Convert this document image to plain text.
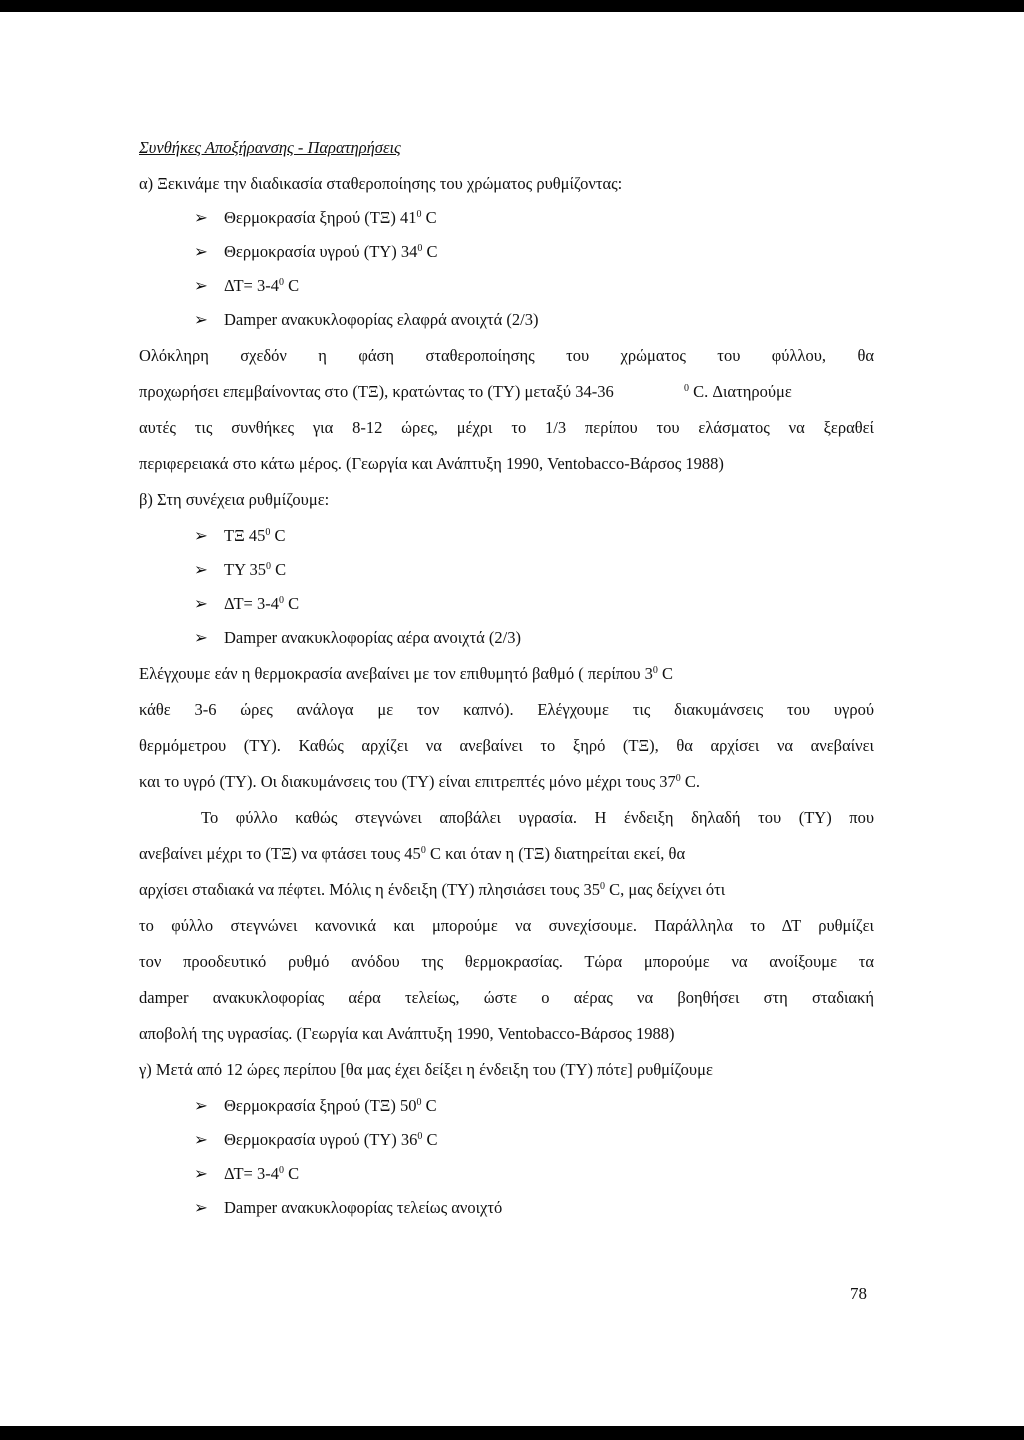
Συνθήκες Αποξήρανσης - Παρατηρήσεις
α) Ξεκινάμε την διαδικασία σταθεροποίησης του χρώματος ρυθμίζοντας:
➢ Θερμοκρασία ξηρού (ΤΞ) $41^0$ C
➢ Θερμοκρασία υγρού (ΤΥ) $34^0$ C
➢ $\Delta T= 3-4^0$ C
➢ Damper ανακυκλοφορίας ελαφρά ανοιχτά (2/3)
Ολόκληρη σχεδόν η φάση σταθεροποίησης του χρώματος του φύλλου, θα
προχωρήσει επεμβαίνοντας στο (ΤΞ), κρατώντας το (ΤΥ) μεταξύ 34-36	$^0$ C. Διατηρούμε
αυτές τις συνθήκες για 8-12 ώρες, μέχρι το 1/3 περίπου του ελάσματος να ξεραθεί
περιφερειακά στο κάτω μέρος. (Γεωργία και Ανάπτυξη 1990, Ventobacco-Βάρσος 1988)
β) Στη συνέχεια ρυθμίζουμε:
➢ ΤΞ $45^0$ C
➢ ΤΥ $35^0$ C
➢ $\Delta T= 3-4^0$ C
➢ Damper ανακυκλοφορίας αέρα ανοιχτά (2/3)
Ελέγχουμε εάν η θερμοκρασία ανεβαίνει με τον επιθυμητό βαθμό ( περίπου $3^0$ C
κάθε 3-6 ώρες ανάλογα με τον καπνό). Ελέγχουμε τις διακυμάνσεις του υγρού
θερμόμετρου (ΤΥ). Καθώς αρχίζει να ανεβαίνει το ξηρό (ΤΞ), θα αρχίσει να ανεβαίνει
και το υγρό (ΤΥ). Οι διακυμάνσεις του (ΤΥ) είναι επιτρεπτές μόνο μέχρι τους $37^0$ C.
Το φύλλο καθώς στεγνώνει αποβάλει υγρασία. Η ένδειξη δηλαδή του (ΤΥ) που
ανεβαίνει μέχρι το (ΤΞ) να φτάσει τους $45^0$ C και όταν η (ΤΞ) διατηρείται εκεί, θα
αρχίσει σταδιακά να πέφτει. Μόλις η ένδειξη (ΤΥ) πλησιάσει τους $35^0$ C, μας δείχνει ότι
το φύλλο στεγνώνει κανονικά και μπορούμε να συνεχίσουμε. Παράλληλα το ΔΤ ρυθμίζει
τον προοδευτικό ρυθμό ανόδου της θερμοκρασίας. Τώρα μπορούμε να ανοίξουμε τα
damper ανακυκλοφορίας αέρα τελείως, ώστε ο αέρας να βοηθήσει στη σταδιακή
αποβολή της υγρασίας. (Γεωργία και Ανάπτυξη 1990, Ventobacco-Βάρσος 1988)
γ) Μετά από 12 ώρες περίπου [θα μας έχει δείξει η ένδειξη του (ΤΥ) πότε] ρυθμίζουμε
➢ Θερμοκρασία ξηρού (ΤΞ) $50^0$ C
➢ Θερμοκρασία υγρού (ΤΥ) $36^0$ C
➢ $\Delta T= 3-4^0$ C
➢ Damper ανακυκλοφορίας τελείως ανοιχτό
78
